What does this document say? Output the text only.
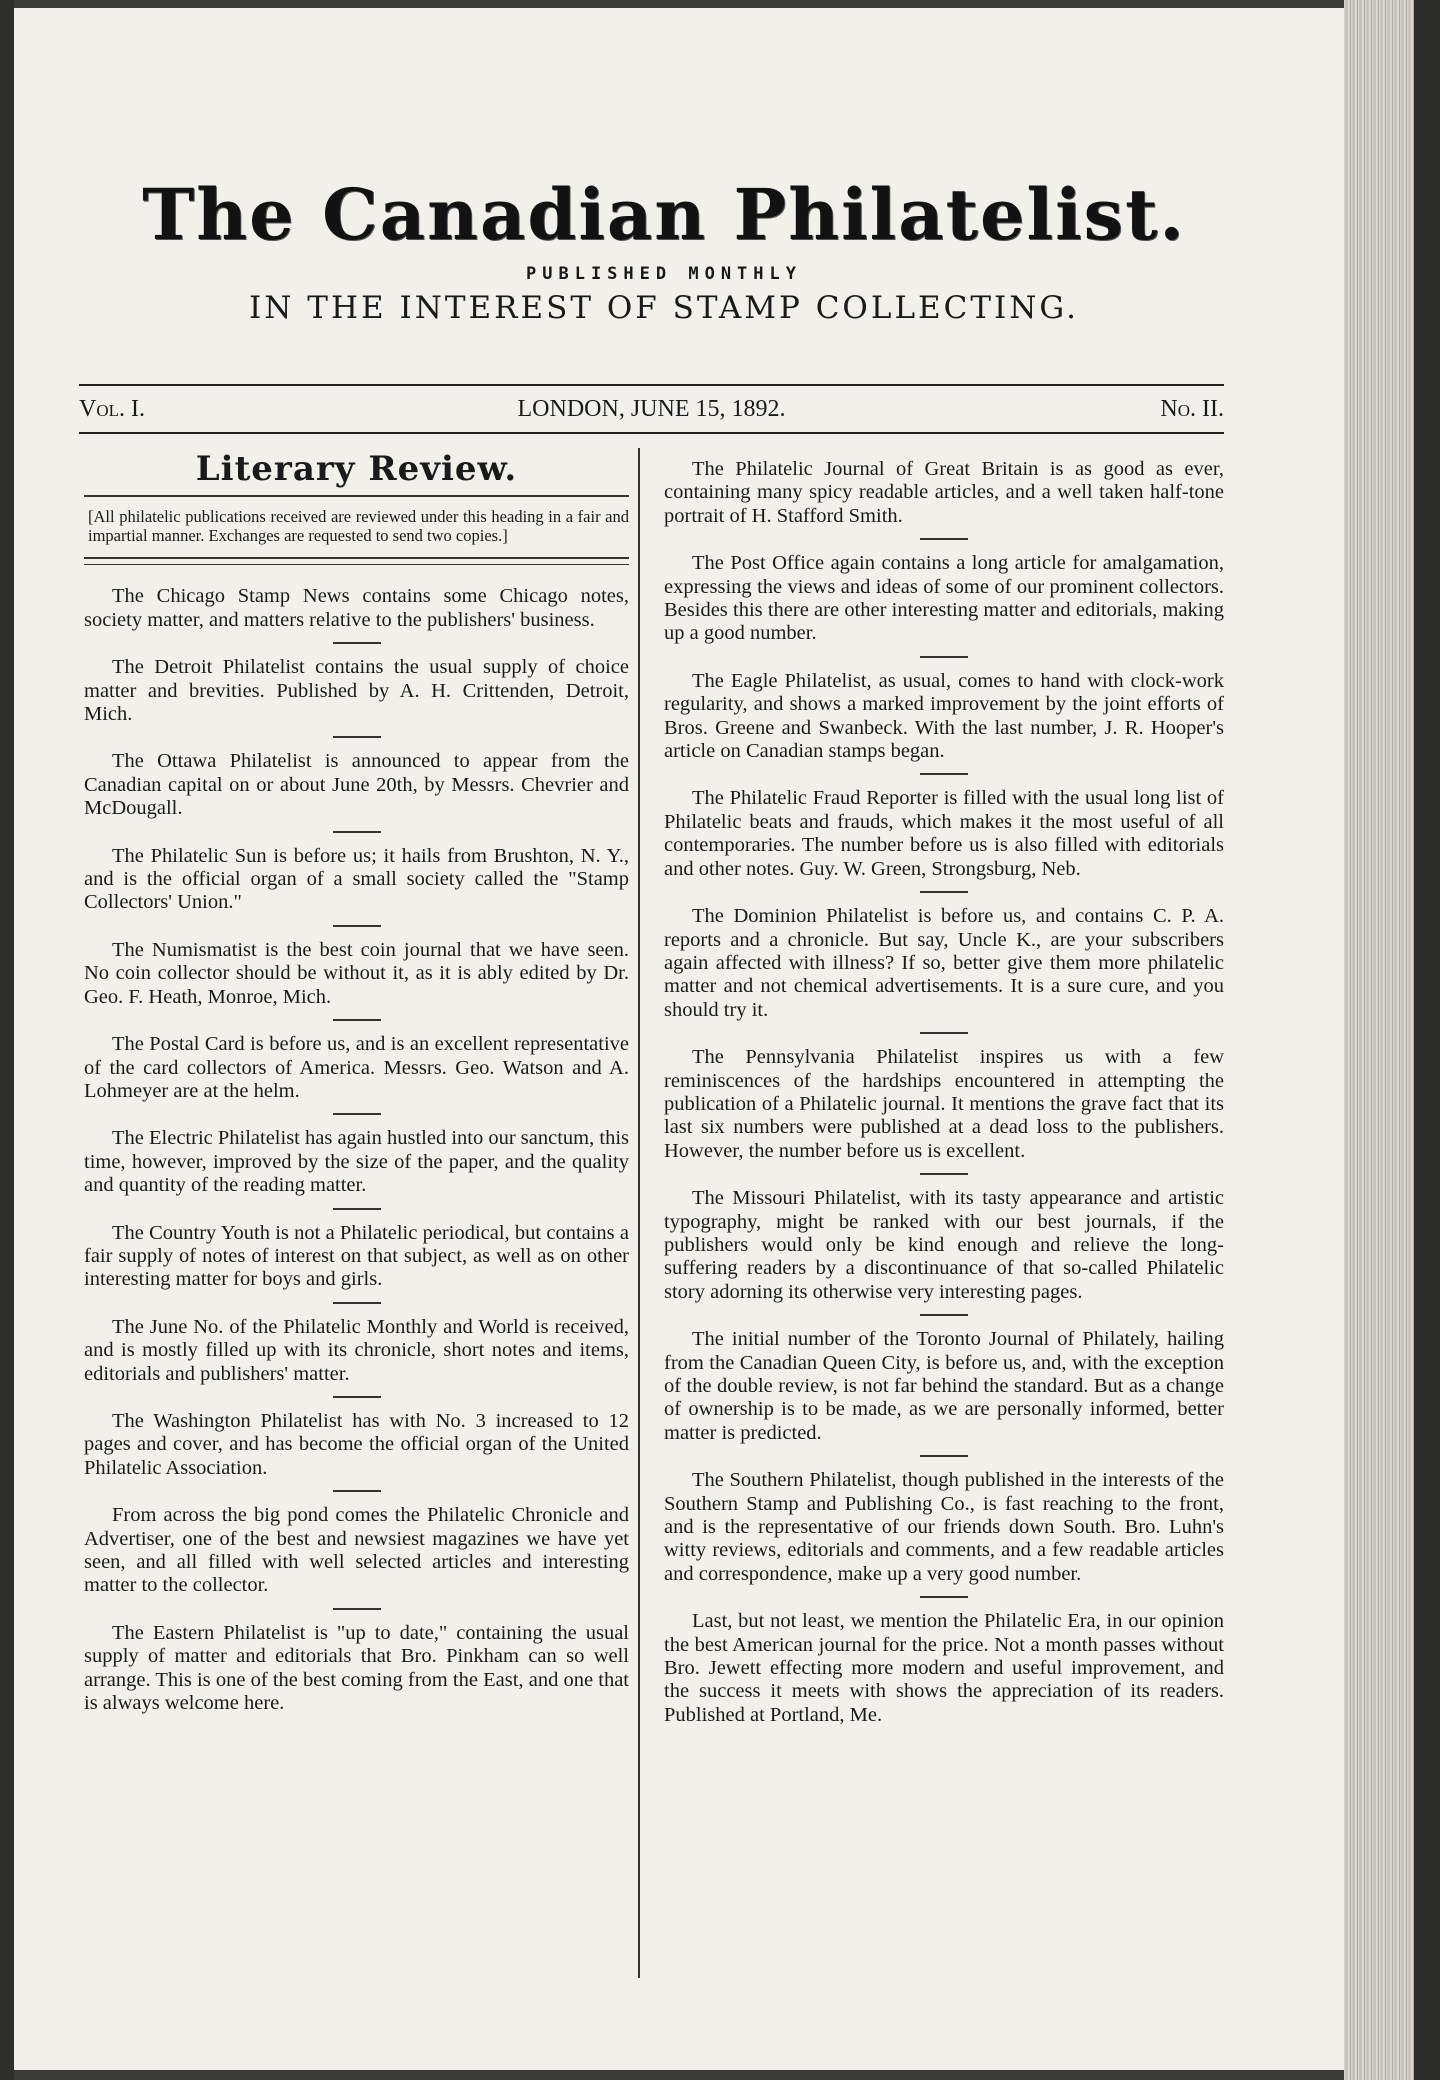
The Canadian Philatelist.
PUBLISHED MONTHLY
IN THE INTEREST OF STAMP COLLECTING.
Vol. I.	LONDON, JUNE 15, 1892.	No. II.
Literary Review.
[All philatelic publications received are reviewed under this heading in a fair and impartial manner. Exchanges are requested to send two copies.]

The Chicago Stamp News contains some Chicago notes, society matter, and matters relative to the publishers' business.

The Detroit Philatelist contains the usual supply of choice matter and brevities. Published by A. H. Crittenden, Detroit, Mich.

The Ottawa Philatelist is announced to appear from the Canadian capital on or about June 20th, by Messrs. Chevrier and McDougall.

The Philatelic Sun is before us; it hails from Brushton, N. Y., and is the official organ of a small society called the "Stamp Collectors' Union."

The Numismatist is the best coin journal that we have seen. No coin collector should be without it, as it is ably edited by Dr. Geo. F. Heath, Monroe, Mich.

The Postal Card is before us, and is an excellent representative of the card collectors of America. Messrs. Geo. Watson and A. Lohmeyer are at the helm.

The Electric Philatelist has again hustled into our sanctum, this time, however, improved by the size of the paper, and the quality and quantity of the reading matter.

The Country Youth is not a Philatelic periodical, but contains a fair supply of notes of interest on that subject, as well as on other interesting matter for boys and girls.

The June No. of the Philatelic Monthly and World is received, and is mostly filled up with its chronicle, short notes and items, editorials and publishers' matter.

The Washington Philatelist has with No. 3 increased to 12 pages and cover, and has become the official organ of the United Philatelic Association.

From across the big pond comes the Philatelic Chronicle and Advertiser, one of the best and newsiest magazines we have yet seen, and all filled with well selected articles and interesting matter to the collector.

The Eastern Philatelist is "up to date," containing the usual supply of matter and editorials that Bro. Pinkham can so well arrange. This is one of the best coming from the East, and one that is always welcome here.

The Philatelic Journal of Great Britain is as good as ever, containing many spicy readable articles, and a well taken half-tone portrait of H. Stafford Smith.

The Post Office again contains a long article for amalgamation, expressing the views and ideas of some of our prominent collectors. Besides this there are other interesting matter and editorials, making up a good number.

The Eagle Philatelist, as usual, comes to hand with clock-work regularity, and shows a marked improvement by the joint efforts of Bros. Greene and Swanbeck. With the last number, J. R. Hooper's article on Canadian stamps began.

The Philatelic Fraud Reporter is filled with the usual long list of Philatelic beats and frauds, which makes it the most useful of all contemporaries. The number before us is also filled with editorials and other notes. Guy. W. Green, Strongsburg, Neb.

The Dominion Philatelist is before us, and contains C. P. A. reports and a chronicle. But say, Uncle K., are your subscribers again affected with illness? If so, better give them more philatelic matter and not chemical advertisements. It is a sure cure, and you should try it.

The Pennsylvania Philatelist inspires us with a few reminiscences of the hardships encountered in attempting the publication of a Philatelic journal. It mentions the grave fact that its last six numbers were published at a dead loss to the publishers. However, the number before us is excellent.

The Missouri Philatelist, with its tasty appearance and artistic typography, might be ranked with our best journals, if the publishers would only be kind enough and relieve the long-suffering readers by a discontinuance of that so-called Philatelic story adorning its otherwise very interesting pages.

The initial number of the Toronto Journal of Philately, hailing from the Canadian Queen City, is before us, and, with the exception of the double review, is not far behind the standard. But as a change of ownership is to be made, as we are personally informed, better matter is predicted.

The Southern Philatelist, though published in the interests of the Southern Stamp and Publishing Co., is fast reaching to the front, and is the representative of our friends down South. Bro. Luhn's witty reviews, editorials and comments, and a few readable articles and correspondence, make up a very good number.

Last, but not least, we mention the Philatelic Era, in our opinion the best American journal for the price. Not a month passes without Bro. Jewett effecting more modern and useful improvement, and the success it meets with shows the appreciation of its readers. Published at Portland, Me.
